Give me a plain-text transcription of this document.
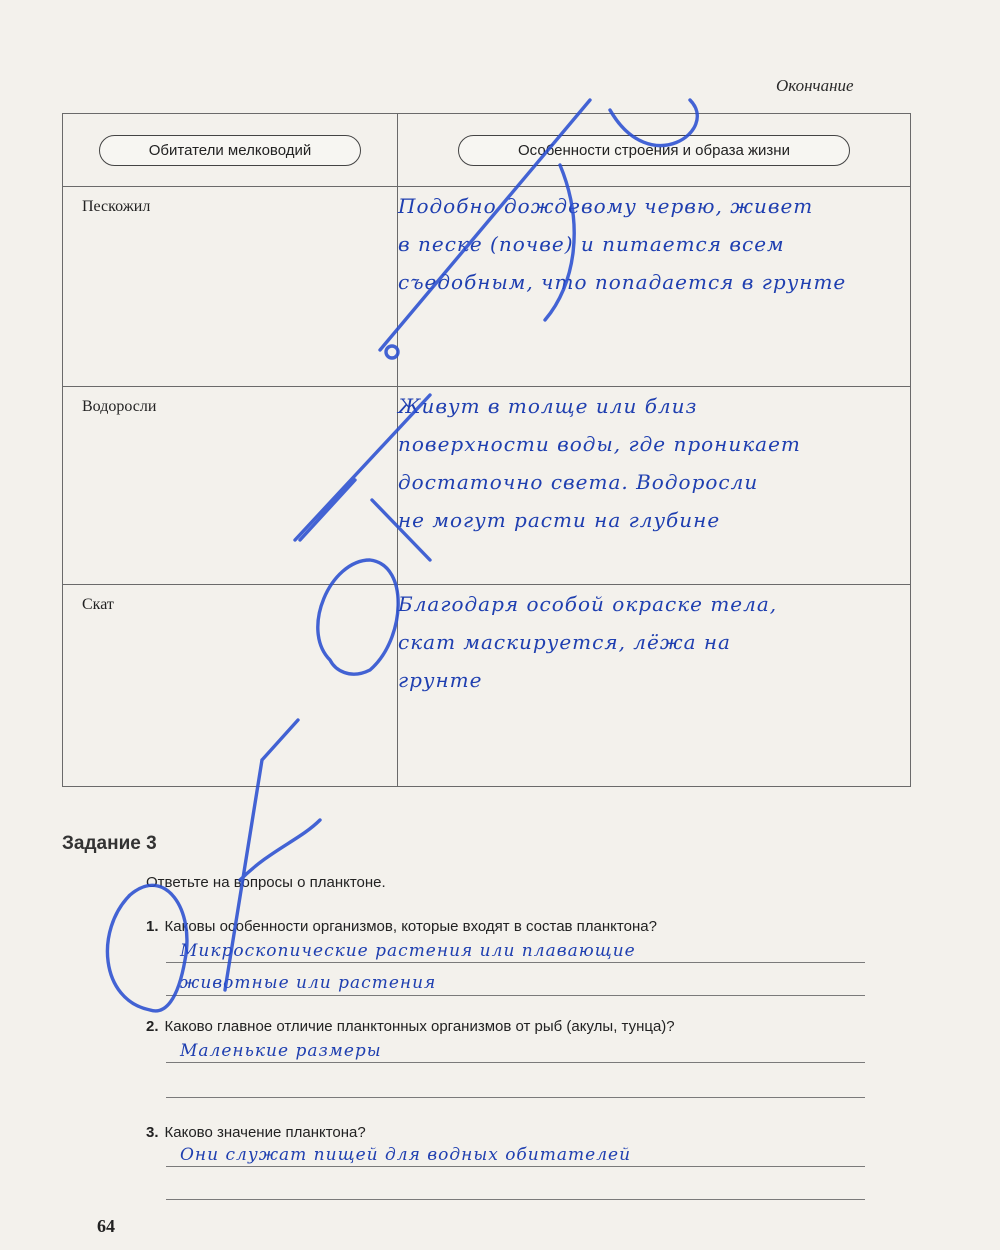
Окончание
Обитатели мелководий	Особенности строения и образа жизни

Пескожил	Подобно дождевому червю, живет
в песке (почве) и питается всем
съедобным, что попадается в грунте

Водоросли	Живут в толще или близ
поверхности воды, где проникает
достаточно света. Водоросли
не могут расти на глубине

Скат	Благодаря особой окраске тела,
скат маскируется, лёжа на
грунте
Задание 3
Ответьте на вопросы о планктоне.
1. Каковы особенности организмов, которые входят в состав планктона?
Микроскопические растения или плавающие
животные или растения
2. Каково главное отличие планктонных организмов от рыб (акулы, тунца)?
Маленькие размеры
3. Каково значение планктона?
Они служат пищей для водных обитателей
64
